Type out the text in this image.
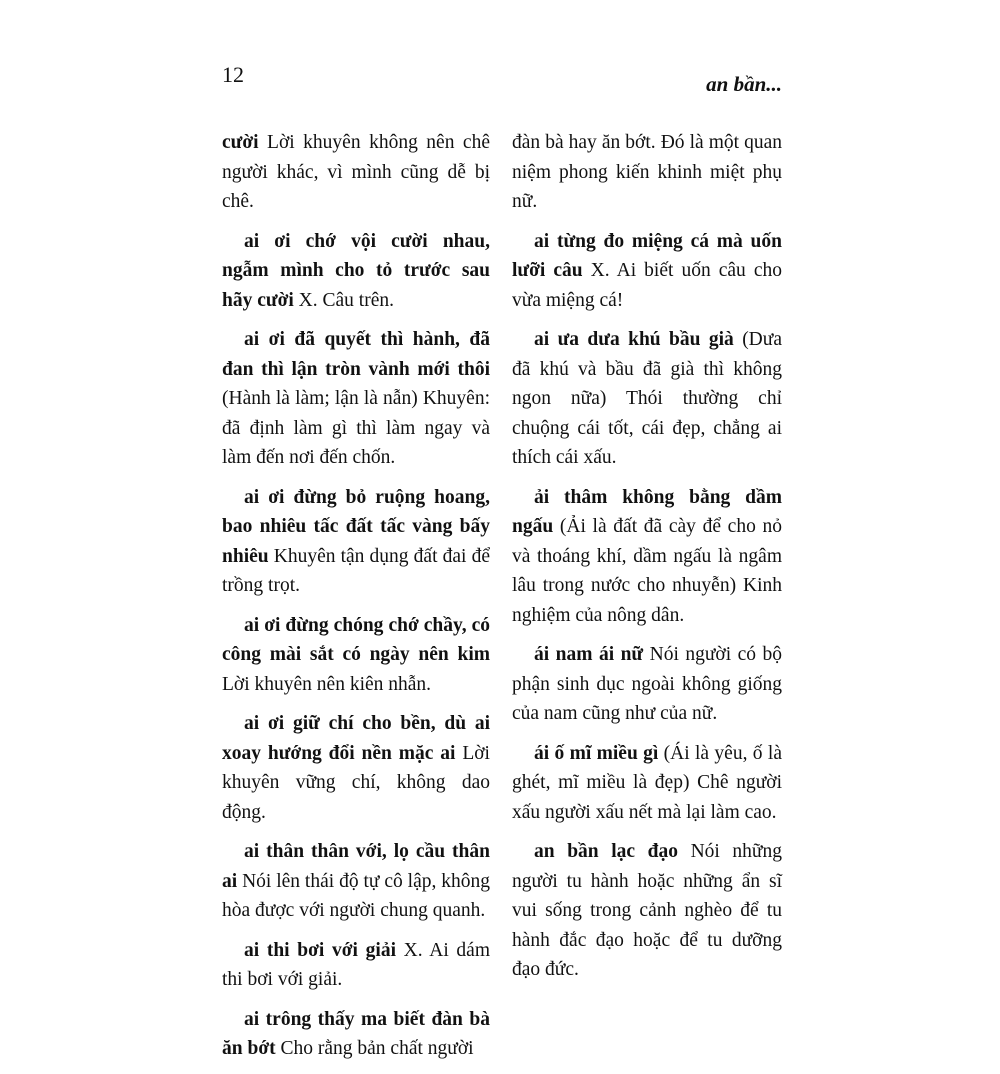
12	an bần...

cười Lời khuyên không nên chê người khác, vì mình cũng dễ bị chê.

ai ơi chớ vội cười nhau, ngẫm mình cho tỏ trước sau hãy cười X. Câu trên.

ai ơi đã quyết thì hành, đã đan thì lận tròn vành mới thôi (Hành là làm; lận là nẫn) Khuyên: đã định làm gì thì làm ngay và làm đến nơi đến chốn.

ai ơi đừng bỏ ruộng hoang, bao nhiêu tấc đất tấc vàng bấy nhiêu Khuyên tận dụng đất đai để trồng trọt.

ai ơi đừng chóng chớ chầy, có công mài sắt có ngày nên kim Lời khuyên nên kiên nhẫn.

ai ơi giữ chí cho bền, dù ai xoay hướng đổi nền mặc ai Lời khuyên vững chí, không dao động.

ai thân thân với, lọ cầu thân ai Nói lên thái độ tự cô lập, không hòa được với người chung quanh.

ai thi bơi với giải X. Ai dám thi bơi với giải.

ai trông thấy ma biết đàn bà ăn bớt Cho rằng bản chất người

đàn bà hay ăn bớt. Đó là một quan niệm phong kiến khinh miệt phụ nữ.

ai từng đo miệng cá mà uốn lưỡi câu X. Ai biết uốn câu cho vừa miệng cá!

ai ưa dưa khú bầu già (Dưa đã khú và bầu đã già thì không ngon nữa) Thói thường chỉ chuộng cái tốt, cái đẹp, chẳng ai thích cái xấu.

ải thâm không bằng dầm ngấu (Ải là đất đã cày để cho nỏ và thoáng khí, dầm ngấu là ngâm lâu trong nước cho nhuyễn) Kinh nghiệm của nông dân.

ái nam ái nữ Nói người có bộ phận sinh dục ngoài không giống của nam cũng như của nữ.

ái ố mĩ miều gì (Ái là yêu, ố là ghét, mĩ miều là đẹp) Chê người xấu người xấu nết mà lại làm cao.

an bần lạc đạo Nói những người tu hành hoặc những ẩn sĩ vui sống trong cảnh nghèo để tu hành đắc đạo hoặc để tu dưỡng đạo đức.
